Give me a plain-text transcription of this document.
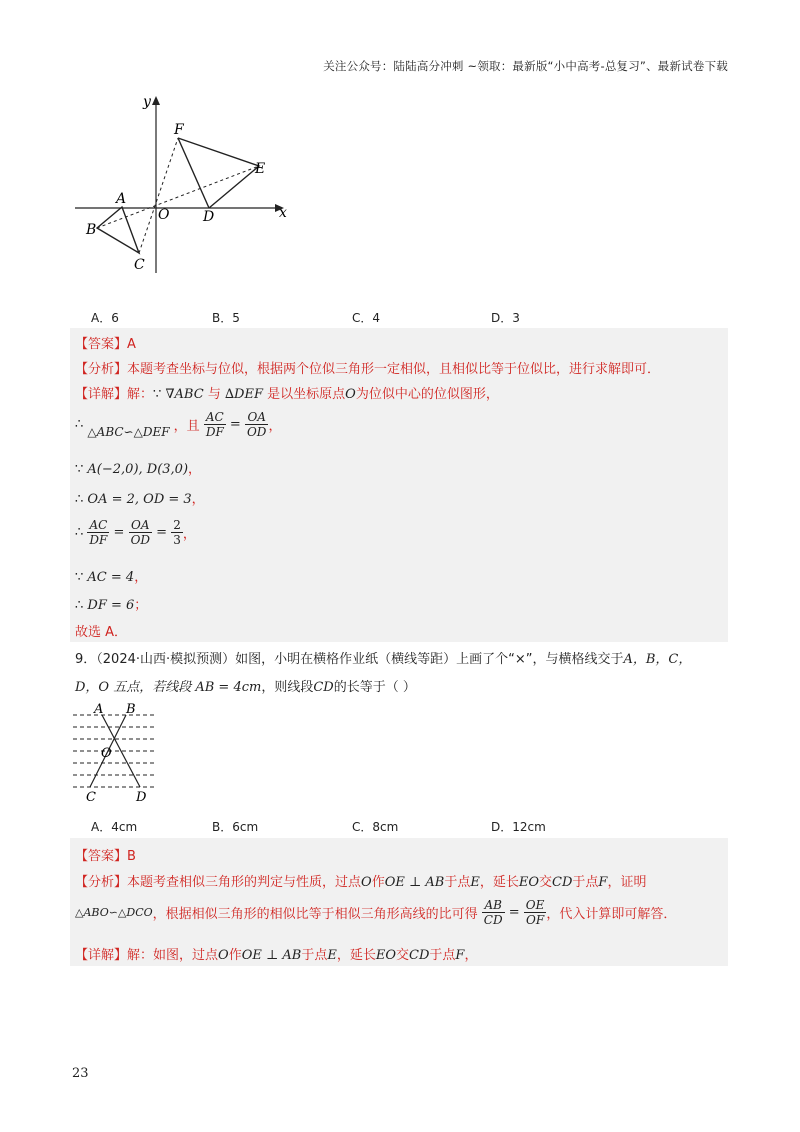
关注公众号：陆陆高分冲刺 ~领取：最新版“小中高考-总复习”、最新试卷下载
y
x
F
E
A
O D
B
C
A．6	B．5	C．4	D．3
【答案】A
【分析】本题考查坐标与位似，根据两个位似三角形一定相似，且相似比等于位似比，进行求解即可．
【详解】解：∵ ∇ABC 与 ∆DEF 是以坐标原点O为位似中心的位似图形，
∴ △ABC∽△DEF ，且 $\frac{AC}{DF} = \frac{OA}{OD}$ ，
∵ A(−2,0), D(3,0)，
∴ OA = 2, OD = 3，
∴ $\frac{AC}{DF} = \frac{OA}{OD} = \frac{2}{3}$ ，
∵ AC = 4，
∴ DF = 6；
故选 A．
9．（2024·山西·模拟预测）如图，小明在横格作业纸（横线等距）上画了个“×”，与横格线交于A，B，C，
D，O 五点，若线段 AB = 4cm，则线段CD的长等于（ ）
A B
O
C	D
A．4cm	B．6cm	C．8cm	D．12cm
【答案】B
【分析】本题考查相似三角形的判定与性质，过点O作OE ⊥ AB于点E，延长EO交CD于点F，证明
△ABO∽△DCO，根据相似三角形的相似比等于相似三角形高线的比可得 $\frac{AB}{CD} = \frac{OE}{OF}$ ，代入计算即可解答．
【详解】解：如图，过点O作OE ⊥ AB于点E，延长EO交CD于点F，
23
